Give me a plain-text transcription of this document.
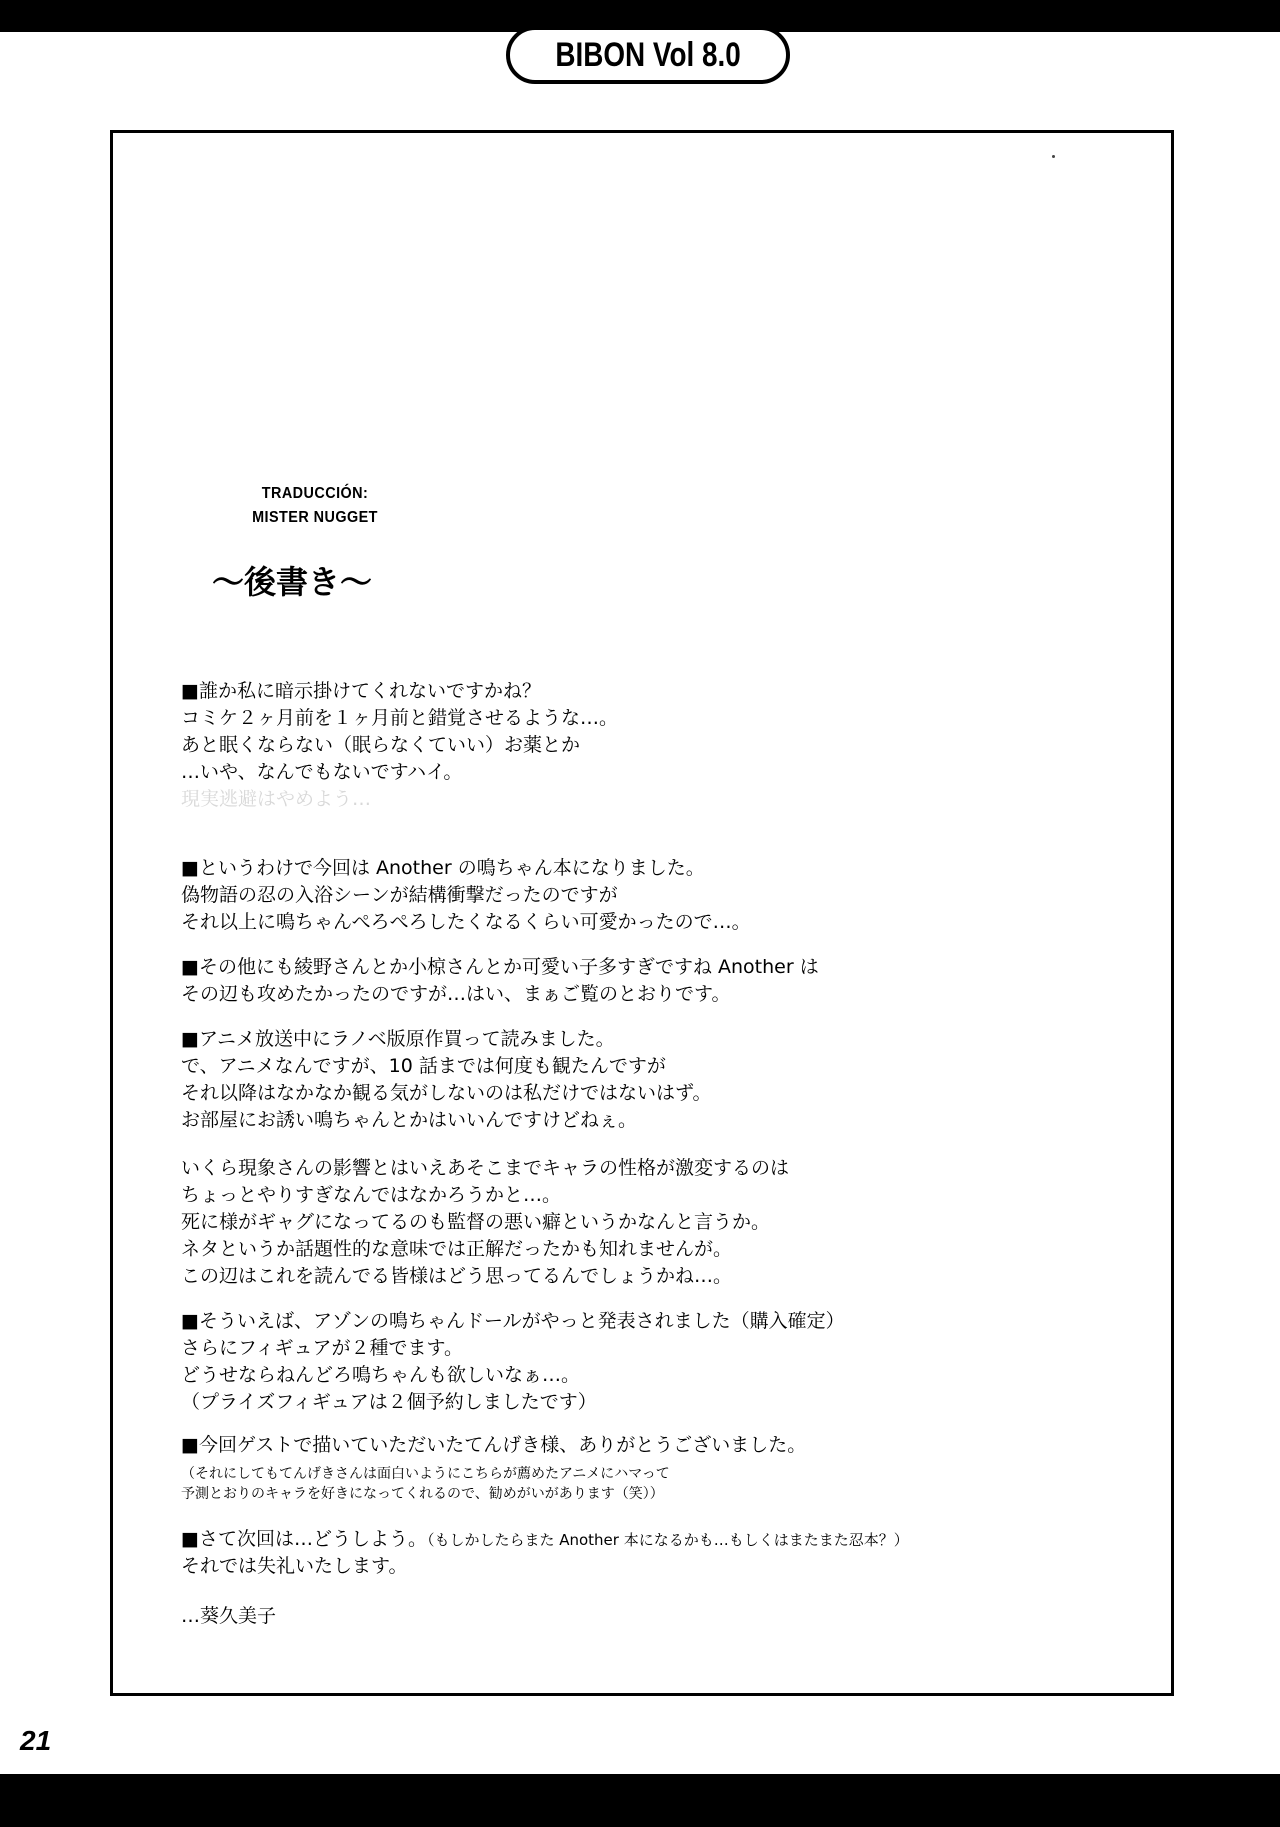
BIBON Vol 8.0
TRADUCCIÓN:
MISTER NUGGET
～後書き～
■誰か私に暗示掛けてくれないですかね？
コミケ２ヶ月前を１ヶ月前と錯覚させるような…。
あと眠くならない（眠らなくていい）お薬とか
…いや、なんでもないですハイ。
現実逃避はやめよう…
■というわけで今回は Another の鳴ちゃん本になりました。
偽物語の忍の入浴シーンが結構衝撃だったのですが
それ以上に鳴ちゃんぺろぺろしたくなるくらい可愛かったので…。
■その他にも綾野さんとか小椋さんとか可愛い子多すぎですね Another は
その辺も攻めたかったのですが…はい、まぁご覧のとおりです。
■アニメ放送中にラノベ版原作買って読みました。
で、アニメなんですが、10 話までは何度も観たんですが
それ以降はなかなか観る気がしないのは私だけではないはず。
お部屋にお誘い鳴ちゃんとかはいいんですけどねぇ。
いくら現象さんの影響とはいえあそこまでキャラの性格が激変するのは
ちょっとやりすぎなんではなかろうかと…。
死に様がギャグになってるのも監督の悪い癖というかなんと言うか。
ネタというか話題性的な意味では正解だったかも知れませんが。
この辺はこれを読んでる皆様はどう思ってるんでしょうかね…。
■そういえば、アゾンの鳴ちゃんドールがやっと発表されました（購入確定）
さらにフィギュアが２種でます。
どうせならねんどろ鳴ちゃんも欲しいなぁ…。
（プライズフィギュアは２個予約しましたです）
■今回ゲストで描いていただいたてんげき様、ありがとうございました。
（それにしてもてんげきさんは面白いようにこちらが薦めたアニメにハマって
予測とおりのキャラを好きになってくれるので、勧めがいがあります（笑））
■さて次回は…どうしよう。（もしかしたらまた Another 本になるかも…もしくはまたまた忍本？）
それでは失礼いたします。
…葵久美子
21
